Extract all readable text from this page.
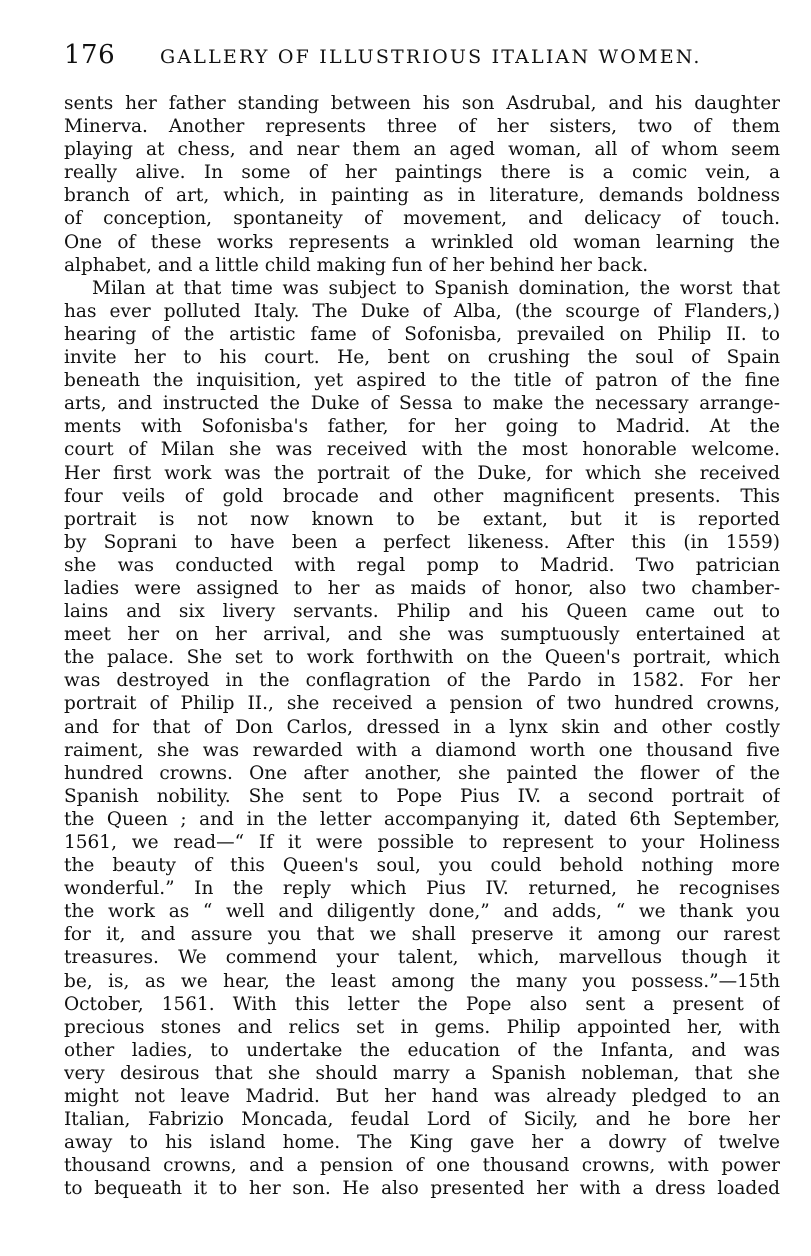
176 GALLERY OF ILLUSTRIOUS ITALIAN WOMEN.
sents her father standing between his son Asdrubal, and his daughter
Minerva. Another represents three of her sisters, two of them
playing at chess, and near them an aged woman, all of whom seem
really alive. In some of her paintings there is a comic vein, a
branch of art, which, in painting as in literature, demands boldness
of conception, spontaneity of movement, and delicacy of touch.
One of these works represents a wrinkled old woman learning the
alphabet, and a little child making fun of her behind her back.
Milan at that time was subject to Spanish domination, the worst that
has ever polluted Italy. The Duke of Alba, (the scourge of Flanders,)
hearing of the artistic fame of Sofonisba, prevailed on Philip II. to
invite her to his court. He, bent on crushing the soul of Spain
beneath the inquisition, yet aspired to the title of patron of the fine
arts, and instructed the Duke of Sessa to make the necessary arrange-
ments with Sofonisba's father, for her going to Madrid. At the
court of Milan she was received with the most honorable welcome.
Her first work was the portrait of the Duke, for which she received
four veils of gold brocade and other magnificent presents. This
portrait is not now known to be extant, but it is reported
by Soprani to have been a perfect likeness. After this (in 1559)
she was conducted with regal pomp to Madrid. Two patrician
ladies were assigned to her as maids of honor, also two chamber-
lains and six livery servants. Philip and his Queen came out to
meet her on her arrival, and she was sumptuously entertained at
the palace. She set to work forthwith on the Queen's portrait, which
was destroyed in the conflagration of the Pardo in 1582. For her
portrait of Philip II., she received a pension of two hundred crowns,
and for that of Don Carlos, dressed in a lynx skin and other costly
raiment, she was rewarded with a diamond worth one thousand five
hundred crowns. One after another, she painted the flower of the
Spanish nobility. She sent to Pope Pius IV. a second portrait of
the Queen ; and in the letter accompanying it, dated 6th September,
1561, we read—“ If it were possible to represent to your Holiness
the beauty of this Queen's soul, you could behold nothing more
wonderful.” In the reply which Pius IV. returned, he recognises
the work as “ well and diligently done,” and adds, “ we thank you
for it, and assure you that we shall preserve it among our rarest
treasures. We commend your talent, which, marvellous though it
be, is, as we hear, the least among the many you possess.”—15th
October, 1561. With this letter the Pope also sent a present of
precious stones and relics set in gems. Philip appointed her, with
other ladies, to undertake the education of the Infanta, and was
very desirous that she should marry a Spanish nobleman, that she
might not leave Madrid. But her hand was already pledged to an
Italian, Fabrizio Moncada, feudal Lord of Sicily, and he bore her
away to his island home. The King gave her a dowry of twelve
thousand crowns, and a pension of one thousand crowns, with power
to bequeath it to her son. He also presented her with a dress loaded
